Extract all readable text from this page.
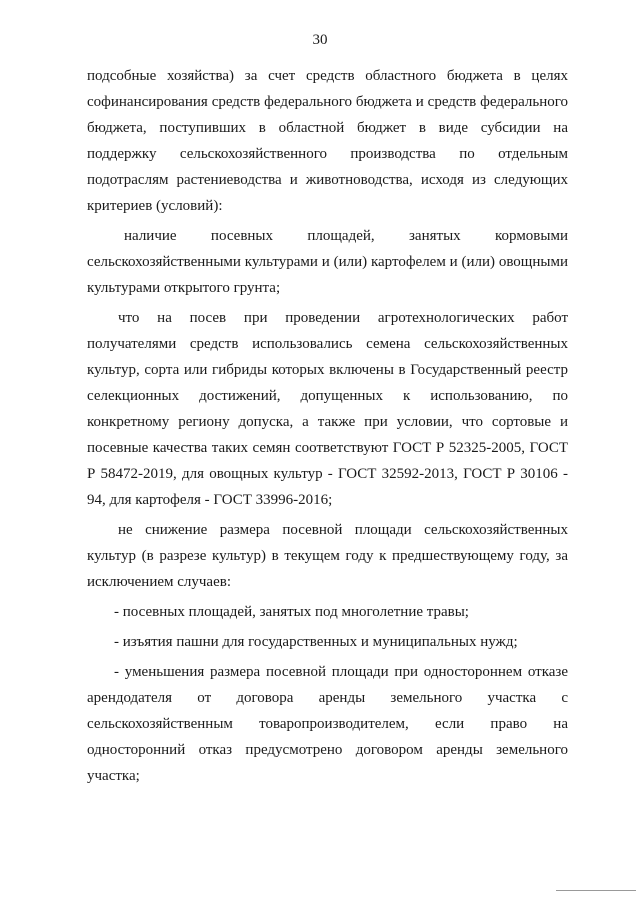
30

подсобные хозяйства) за счет средств областного бюджета в целях софинансирования средств федерального бюджета и средств федерального бюджета, поступивших в областной бюджет в виде субсидии на поддержку сельскохозяйственного производства по отдельным подотраслям растениеводства и животноводства, исходя из следующих критериев (условий):

наличие посевных площадей, занятых кормовыми сельскохозяйственными культурами и (или) картофелем и (или) овощными культурами открытого грунта;

что на посев при проведении агротехнологических работ получателями средств использовались семена сельскохозяйственных культур, сорта или гибриды которых включены в Государственный реестр селекционных достижений, допущенных к использованию, по конкретному региону допуска, а также при условии, что сортовые и посевные качества таких семян соответствуют ГОСТ Р 52325-2005, ГОСТ Р 58472-2019, для овощных культур - ГОСТ 32592-2013, ГОСТ Р 30106 - 94, для картофеля - ГОСТ 33996-2016;

не снижение размера посевной площади сельскохозяйственных культур (в разрезе культур) в текущем году к предшествующему году, за исключением случаев:

- посевных площадей, занятых под многолетние травы;

- изъятия пашни для государственных и муниципальных нужд;

- уменьшения размера посевной площади при одностороннем отказе арендодателя от договора аренды земельного участка с сельскохозяйственным товаропроизводителем, если право на односторонний отказ предусмотрено договором аренды земельного участка;
